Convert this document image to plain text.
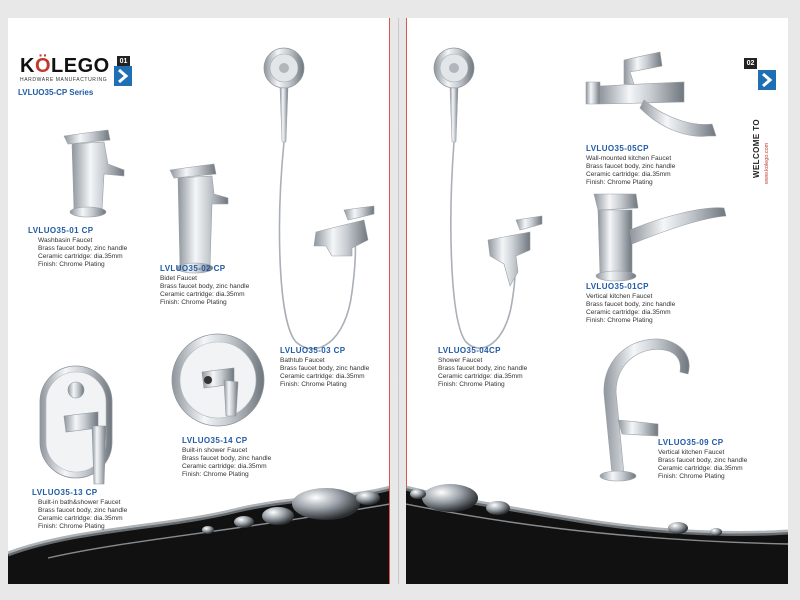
KÖLEGO
HARDWARE MANUFACTURING
01
LVLUO35-CP Series
LVLUO35-01 CP
Washbasin Faucet
Brass faucet body, zinc handle
Ceramic cartridge: dia.35mm
Finish: Chrome Plating	LVLUO35-02 CP
Bidet Faucet
Brass faucet body, zinc handle
Ceramic cartridge: dia.35mm
Finish: Chrome Plating
LVLUO35-03 CP
Bathtub Faucet
Brass faucet body, zinc handle
Ceramic cartridge: dia.35mm
Finish: Chrome Plating
LVLUO35-13 CP
Built-in bath&shower Faucet
Brass faucet body, zinc handle
Ceramic cartridge: dia.35mm
Finish: Chrome Plating
LVLUO35-14 CP
Built-in shower Faucet
Brass faucet body, zinc handle
Ceramic cartridge: dia.35mm
Finish: Chrome Plating
02
WELCOME TO www.kolego.com
LVLUO35-04CP
Shower Faucet
Brass faucet body, zinc handle
Ceramic cartridge: dia.35mm
Finish: Chrome Plating
LVLUO35-05CP
Wall-mounted kitchen Faucet
Brass faucet body, zinc handle
Ceramic cartridge: dia.35mm
Finish: Chrome Plating
LVLUO35-01CP
Vertical kitchen Faucet
Brass faucet body, zinc handle
Ceramic cartridge: dia.35mm
Finish: Chrome Plating
LVLUO35-09 CP
Vertical kitchen Faucet
Brass faucet body, zinc handle
Ceramic cartridge: dia.35mm
Finish: Chrome Plating
